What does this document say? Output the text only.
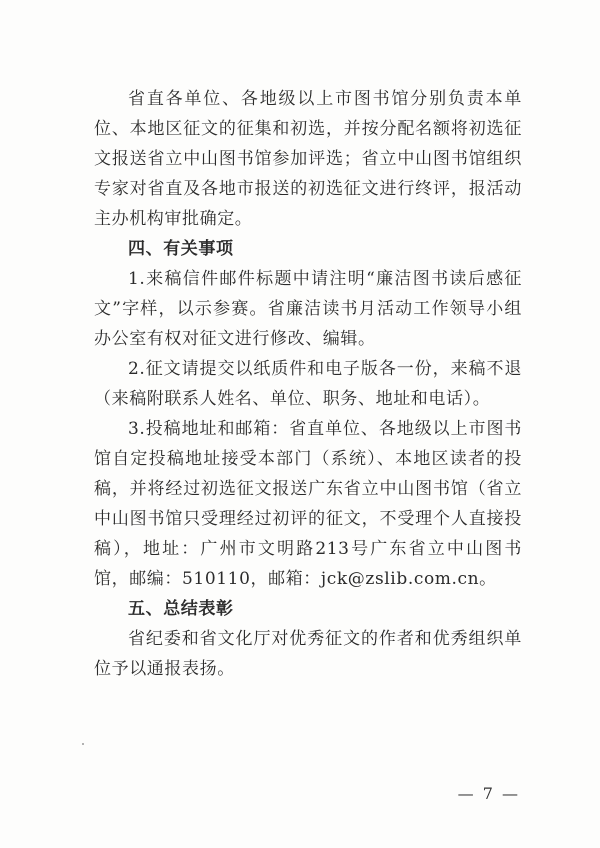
省直各单位、各地级以上市图书馆分别负责本单位、本地区征文的征集和初选，并按分配名额将初选征文报送省立中山图书馆参加评选；省立中山图书馆组织专家对省直及各地市报送的初选征文进行终评，报活动主办机构审批确定。

四、有关事项

1.来稿信件邮件标题中请注明“廉洁图书读后感征文”字样，以示参赛。省廉洁读书月活动工作领导小组办公室有权对征文进行修改、编辑。

2.征文请提交以纸质件和电子版各一份，来稿不退（来稿附联系人姓名、单位、职务、地址和电话）。

3.投稿地址和邮箱：省直单位、各地级以上市图书馆自定投稿地址接受本部门（系统）、本地区读者的投稿，并将经过初选征文报送广东省立中山图书馆（省立中山图书馆只受理经过初评的征文，不受理个人直接投稿），地址：广州市文明路213号广东省立中山图书馆，邮编：510110，邮箱：jck@zslib.com.cn。

五、总结表彰

省纪委和省文化厅对优秀征文的作者和优秀组织单位予以通报表扬。

— 7 —
